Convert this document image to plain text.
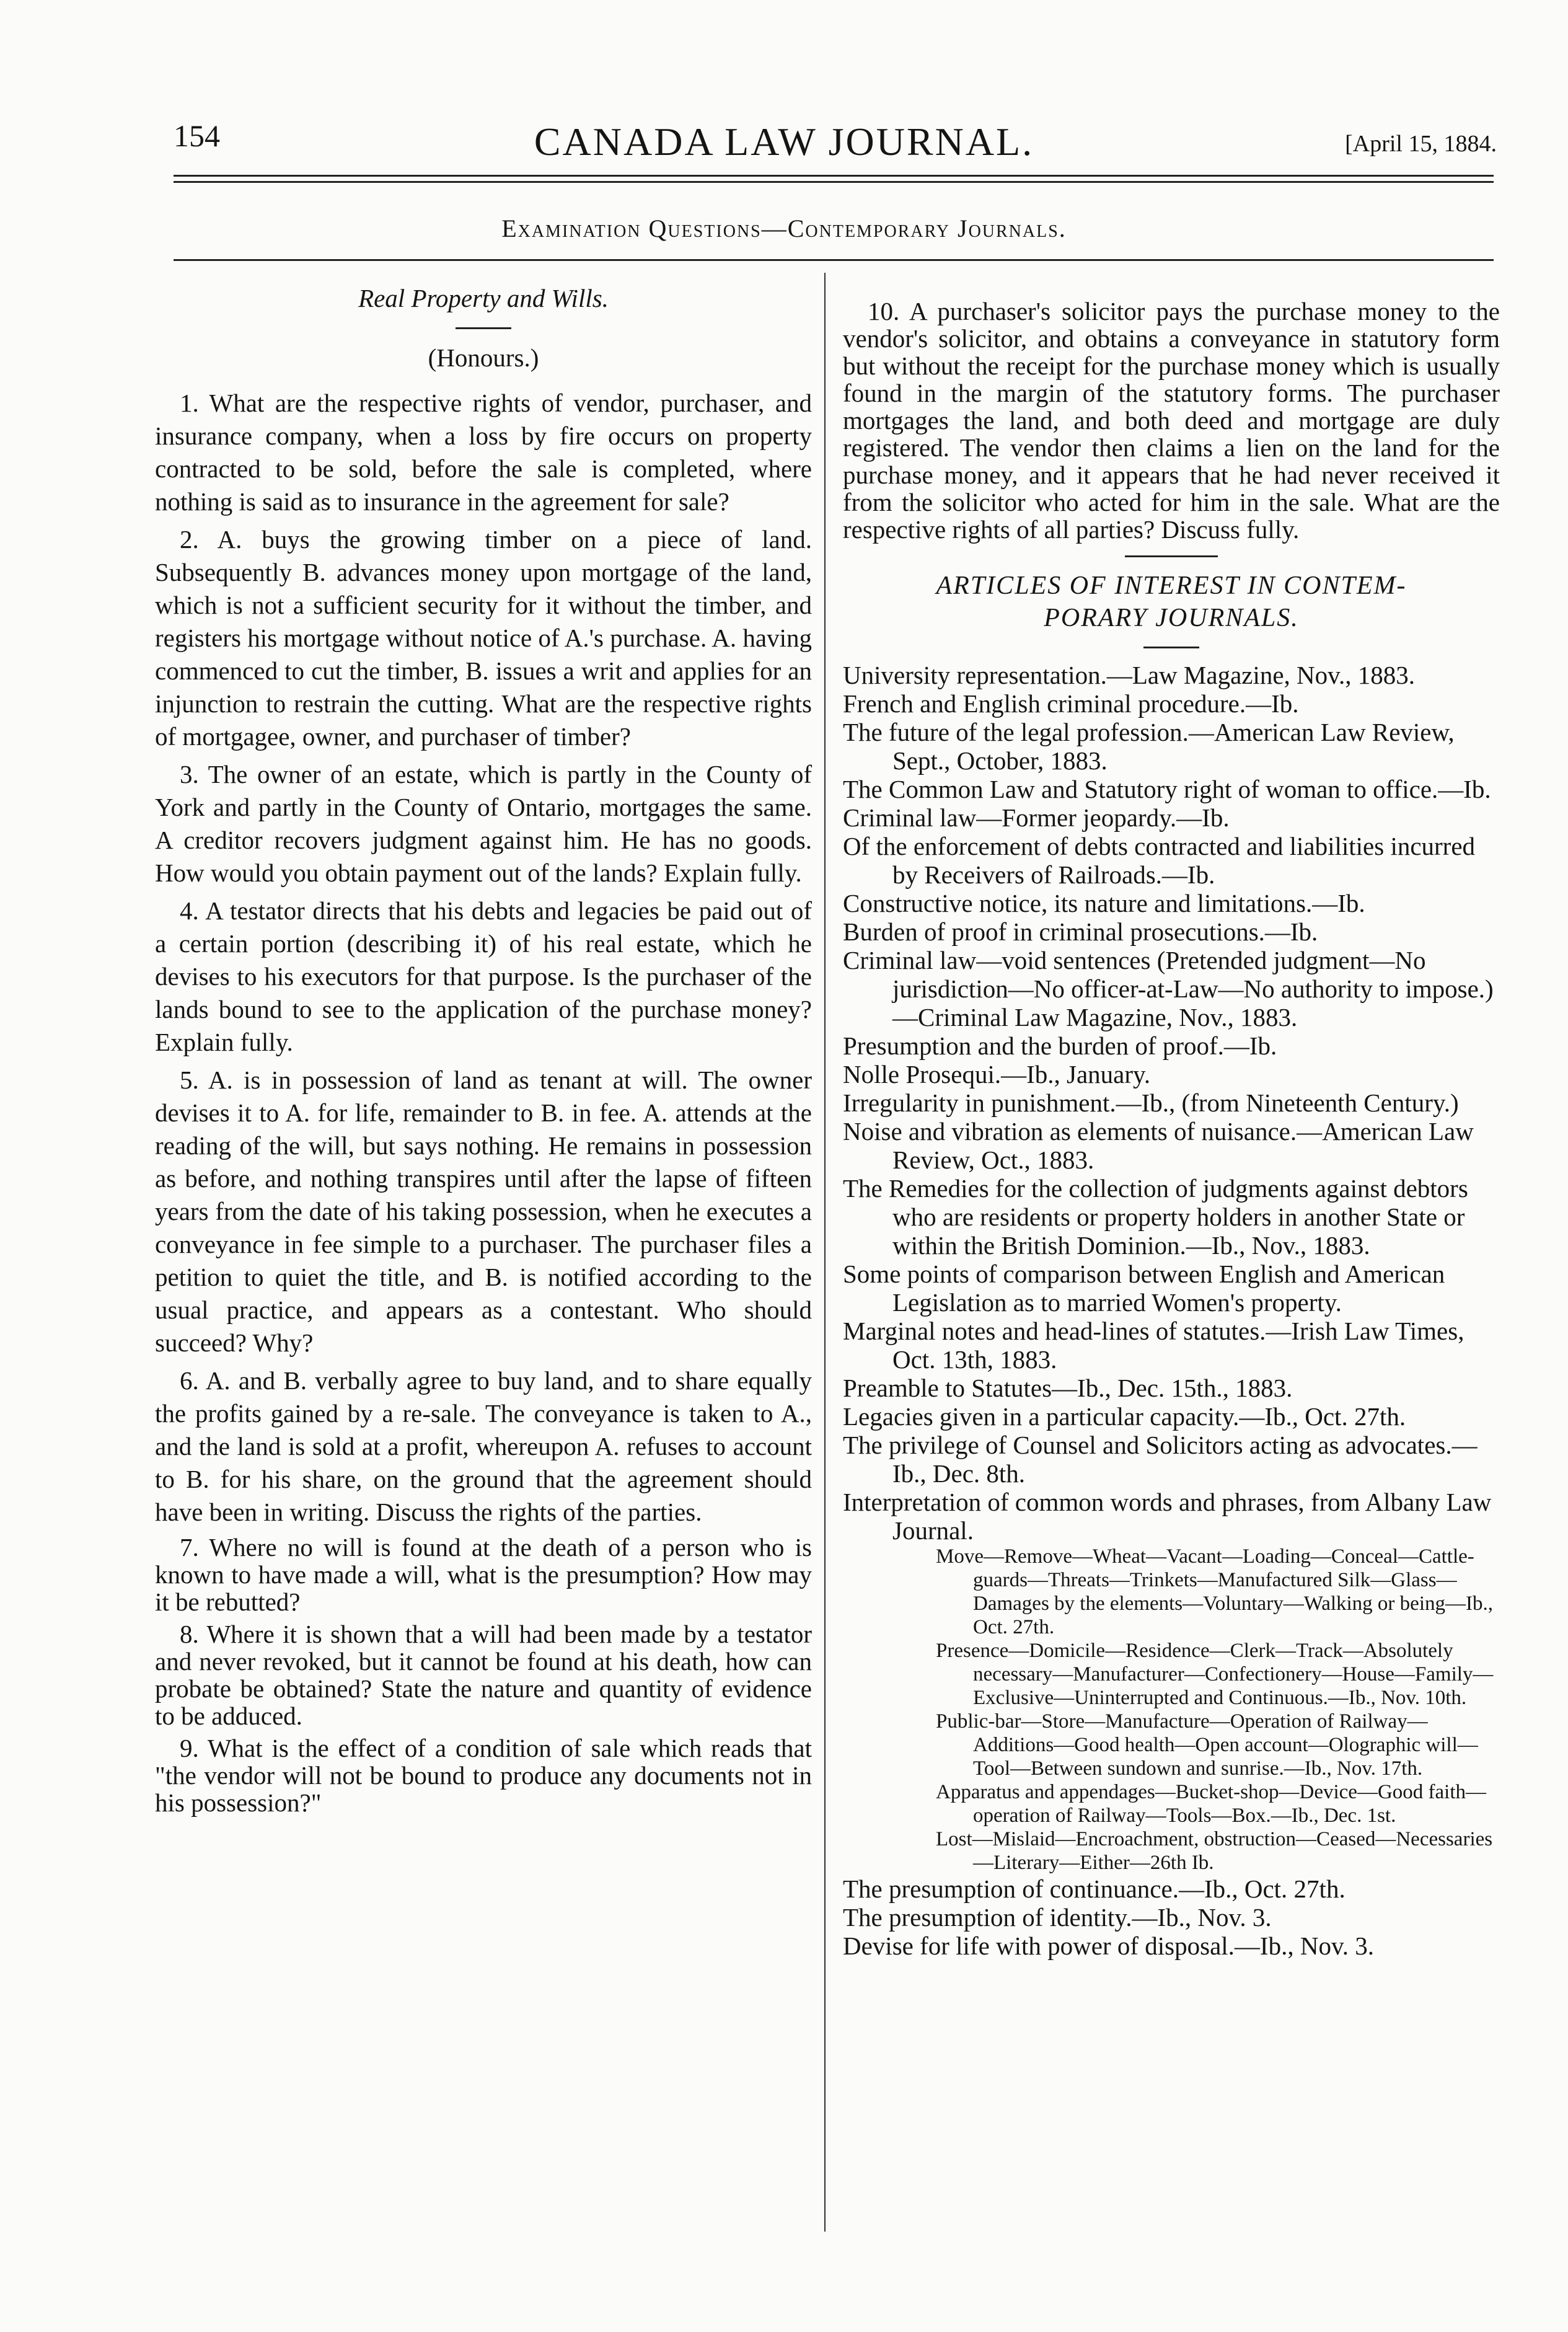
154	CANADA LAW JOURNAL.	[April 15, 1884.
Examination Questions—Contemporary Journals.

Real Property and Wills.

(Honours.)

1. What are the respective rights of vendor, purchaser, and insurance company, when a loss by fire occurs on property contracted to be sold, before the sale is completed, where nothing is said as to insurance in the agreement for sale?

2. A. buys the growing timber on a piece of land. Subsequently B. advances money upon mortgage of the land, which is not a sufficient security for it without the timber, and registers his mortgage without notice of A.'s purchase. A. having commenced to cut the timber, B. issues a writ and applies for an injunction to restrain the cutting. What are the respective rights of mortgagee, owner, and purchaser of timber?

3. The owner of an estate, which is partly in the County of York and partly in the County of Ontario, mortgages the same. A creditor recovers judgment against him. He has no goods. How would you obtain payment out of the lands? Explain fully.

4. A testator directs that his debts and legacies be paid out of a certain portion (describing it) of his real estate, which he devises to his executors for that purpose. Is the purchaser of the lands bound to see to the application of the purchase money? Explain fully.

5. A. is in possession of land as tenant at will. The owner devises it to A. for life, remainder to B. in fee. A. attends at the reading of the will, but says nothing. He remains in possession as before, and nothing transpires until after the lapse of fifteen years from the date of his taking possession, when he executes a conveyance in fee simple to a purchaser. The purchaser files a petition to quiet the title, and B. is notified according to the usual practice, and appears as a contestant. Who should succeed? Why?

6. A. and B. verbally agree to buy land, and to share equally the profits gained by a re-sale. The conveyance is taken to A., and the land is sold at a profit, whereupon A. refuses to account to B. for his share, on the ground that the agreement should have been in writing. Discuss the rights of the parties.

7. Where no will is found at the death of a person who is known to have made a will, what is the presumption? How may it be rebutted?

8. Where it is shown that a will had been made by a testator and never revoked, but it cannot be found at his death, how can probate be obtained? State the nature and quantity of evidence to be adduced.

9. What is the effect of a condition of sale which reads that "the vendor will not be bound to produce any documents not in his possession?"

10. A purchaser's solicitor pays the purchase money to the vendor's solicitor, and obtains a conveyance in statutory form but without the receipt for the purchase money which is usually found in the margin of the statutory forms. The purchaser mortgages the land, and both deed and mortgage are duly registered. The vendor then claims a lien on the land for the purchase money, and it appears that he had never received it from the solicitor who acted for him in the sale. What are the respective rights of all parties? Discuss fully.

ARTICLES OF INTEREST IN CONTEM-

PORARY JOURNALS.

University representation.—Law Magazine, Nov., 1883.

French and English criminal procedure.—Ib.

The future of the legal profession.—American Law Review, Sept., October, 1883.

The Common Law and Statutory right of woman to office.—Ib.

Criminal law—Former jeopardy.—Ib.

Of the enforcement of debts contracted and liabilities incurred by Receivers of Railroads.—Ib.

Constructive notice, its nature and limitations.—Ib.

Burden of proof in criminal prosecutions.—Ib.

Criminal law—void sentences (Pretended judgment—No jurisdiction—No officer-at-Law—No authority to impose.)—Criminal Law Magazine, Nov., 1883.

Presumption and the burden of proof.—Ib.

Nolle Prosequi.—Ib., January.

Irregularity in punishment.—Ib., (from Nineteenth Century.)

Noise and vibration as elements of nuisance.—American Law Review, Oct., 1883.

The Remedies for the collection of judgments against debtors who are residents or property holders in another State or within the British Dominion.—Ib., Nov., 1883.

Some points of comparison between English and American Legislation as to married Women's property.

Marginal notes and head-lines of statutes.—Irish Law Times, Oct. 13th, 1883.

Preamble to Statutes—Ib., Dec. 15th., 1883.

Legacies given in a particular capacity.—Ib., Oct. 27th.

The privilege of Counsel and Solicitors acting as advocates.—Ib., Dec. 8th.

Interpretation of common words and phrases, from Albany Law Journal.

Move—Remove—Wheat—Vacant—Loading—Conceal—Cattle-guards—Threats—Trinkets—Manufactured Silk—Glass—Damages by the elements—Voluntary—Walking or being—Ib., Oct. 27th.

Presence—Domicile—Residence—Clerk—Track—Absolutely necessary—Manufacturer—Confectionery—House—Family—Exclusive—Uninterrupted and Continuous.—Ib., Nov. 10th.

Public-bar—Store—Manufacture—Operation of Railway—Additions—Good health—Open account—Olographic will—Tool—Between sundown and sunrise.—Ib., Nov. 17th.

Apparatus and appendages—Bucket-shop—Device—Good faith—operation of Railway—Tools—Box.—Ib., Dec. 1st.

Lost—Mislaid—Encroachment, obstruction—Ceased—Necessaries—Literary—Either—26th Ib.

The presumption of continuance.—Ib., Oct. 27th.

The presumption of identity.—Ib., Nov. 3.

Devise for life with power of disposal.—Ib., Nov. 3.
